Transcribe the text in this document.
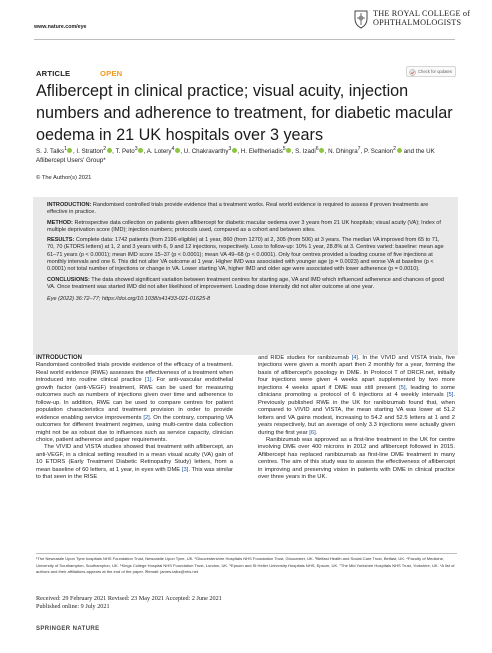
www.nature.com/eye
THE ROYAL COLLEGE of
OPHTHALMOLOGISTS
ARTICLE	OPEN	Check for updates
Aflibercept in clinical practice; visual acuity, injection numbers and adherence to treatment, for diabetic macular oedema in 21 UK hospitals over 3 years
S. J. Talks$^1$ , I. Stratton$^2$ , T. Peto$^3$ , A. Lotery$^4$ , U. Chakravarthy$^3$ , H. Eleftheriadis$^5$ , S. Izadi$^6$ , N. Dhingra$^7$, P. Scanlon$^2$ and the UK Aflibercept Users' Group*
© The Author(s) 2021

INTRODUCTION: Randomised controlled trials provide evidence that a treatment works. Real world evidence is required to assess if proven treatments are effective in practice.

METHOD: Retrospective data collection on patients given aflibercept for diabetic macular oedema over 3 years from 21 UK hospitals; visual acuity (VA); Index of multiple deprivation score (IMD); injection numbers; protocols used, compared as a cohort and between sites.

RESULTS: Complete data: 1742 patients (from 2196 eligible) at 1 year, 860 (from 1270) at 2, 305 (from 506) at 3 years. The median VA improved from 65 to 71, 70, 70 (ETDRS letters) at 1, 2 and 3 years with 6, 9 and 12 injections, respectively. Loss to follow-up: 10% 1 year, 28.8% at 3. Centres varied: baseline: mean age 61–71 years (p < 0.0001); mean IMD score 15–37 (p < 0.0001); mean VA 49–68 (p < 0.0001). Only four centres provided a loading course of five injections at monthly intervals and one 6. This did not alter VA outcome at 1 year. Higher IMD was associated with younger age (p = 0.0023) and worse VA at baseline (p < 0.0001) not total number of injections or change in VA. Lower starting VA, higher IMD and older age were associated with lower adherence (p = 0.0010).

CONCLUSIONS: The data showed significant variation between treatment centres for starting age, VA and IMD which influenced adherence and chances of good VA. Once treatment was started IMD did not alter likelihood of improvement. Loading dose intensity did not alter outcome at one year.

Eye (2022) 36:72–77; https://doi.org/10.1038/s41433-021-01625-8

INTRODUCTION

Randomised controlled trials provide evidence of the efficacy of a treatment. Real world evidence (RWE) assesses the effectiveness of a treatment when introduced into routine clinical practice [1]. For anti-vascular endothelial growth factor (anti-VEGF) treatment, RWE can be used for measuring outcomes such as numbers of injections given over time and adherence to follow-up. In addition, RWE can be used to compare centres for patient population characteristics and treatment provision in order to provide evidence enabling service improvements [2]. On the contrary, comparing VA outcomes for different treatment regimes, using multi-centre data collection might not be as robust due to influences such as service capacity, clinician choice, patient adherence and paper requirements.

The VIVID and VISTA studies showed that treatment with aflibercept, an anti-VEGF, in a clinical setting resulted in a mean visual acuity (VA) gain of 10 ETDRS (Early Treatment Diabetic Retinopathy Study) letters, from a mean baseline of 60 letters, at 1 year, in eyes with DME [3]. This was similar to that seen in the RISE

and RIDE studies for ranibizumab [4]. In the VIVID and VISTA trials, five injections were given a month apart then 2 monthly for a year, forming the basis of aflibercept's posology in DME. In Protocol T of DRCR.net, initially four injections were given 4 weeks apart supplemented by two more injections 4 weeks apart if DME was still present [5], leading to some clinicians promoting a protocol of 6 injections at 4 weekly intervals [5]. Previously published RWE in the UK for ranibizumab found that, when compared to VIVID and VISTA, the mean starting VA was lower at 51.2 letters and VA gains modest, increasing to 54.2 and 52.5 letters at 1 and 2 years respectively, but an average of only 3.3 injections were actually given during the first year [6].

Ranibizumab was approved as a first-line treatment in the UK for centre involving DME over 400 microns in 2012 and aflibercept followed in 2015. Aflibercept has replaced ranibizumab as first-line DME treatment in many centres. The aim of this study was to assess the effectiveness of aflibercept in improving and preserving vision in patients with DME in clinical practice over three years in the UK.

¹The Newcastle Upon Tyne hospitals NHS Foundation Trust, Newcastle Upon Tyne, UK. ²Gloucestershire Hospitals NHS Foundation Trust, Gloucester, UK. ³Belfast Health and Social Care Trust, Belfast, UK. ⁴Faculty of Medicine, University of Southampton, Southampton, UK. ⁵Kings College Hospital NHS Foundation Trust, London, UK. ⁶Epsom and St Helier University Hospitals NHS, Epsom, UK. ⁷The Mid Yorkshire Hospitals NHS Trust, Yorkshire, UK. *A list of authors and their affiliations appears at the end of the paper. ✉email: james.talks@nhs.net
Received: 29 February 2021 Revised: 23 May 2021 Accepted: 2 June 2021
Published online: 9 July 2021
SPRINGER NATURE
